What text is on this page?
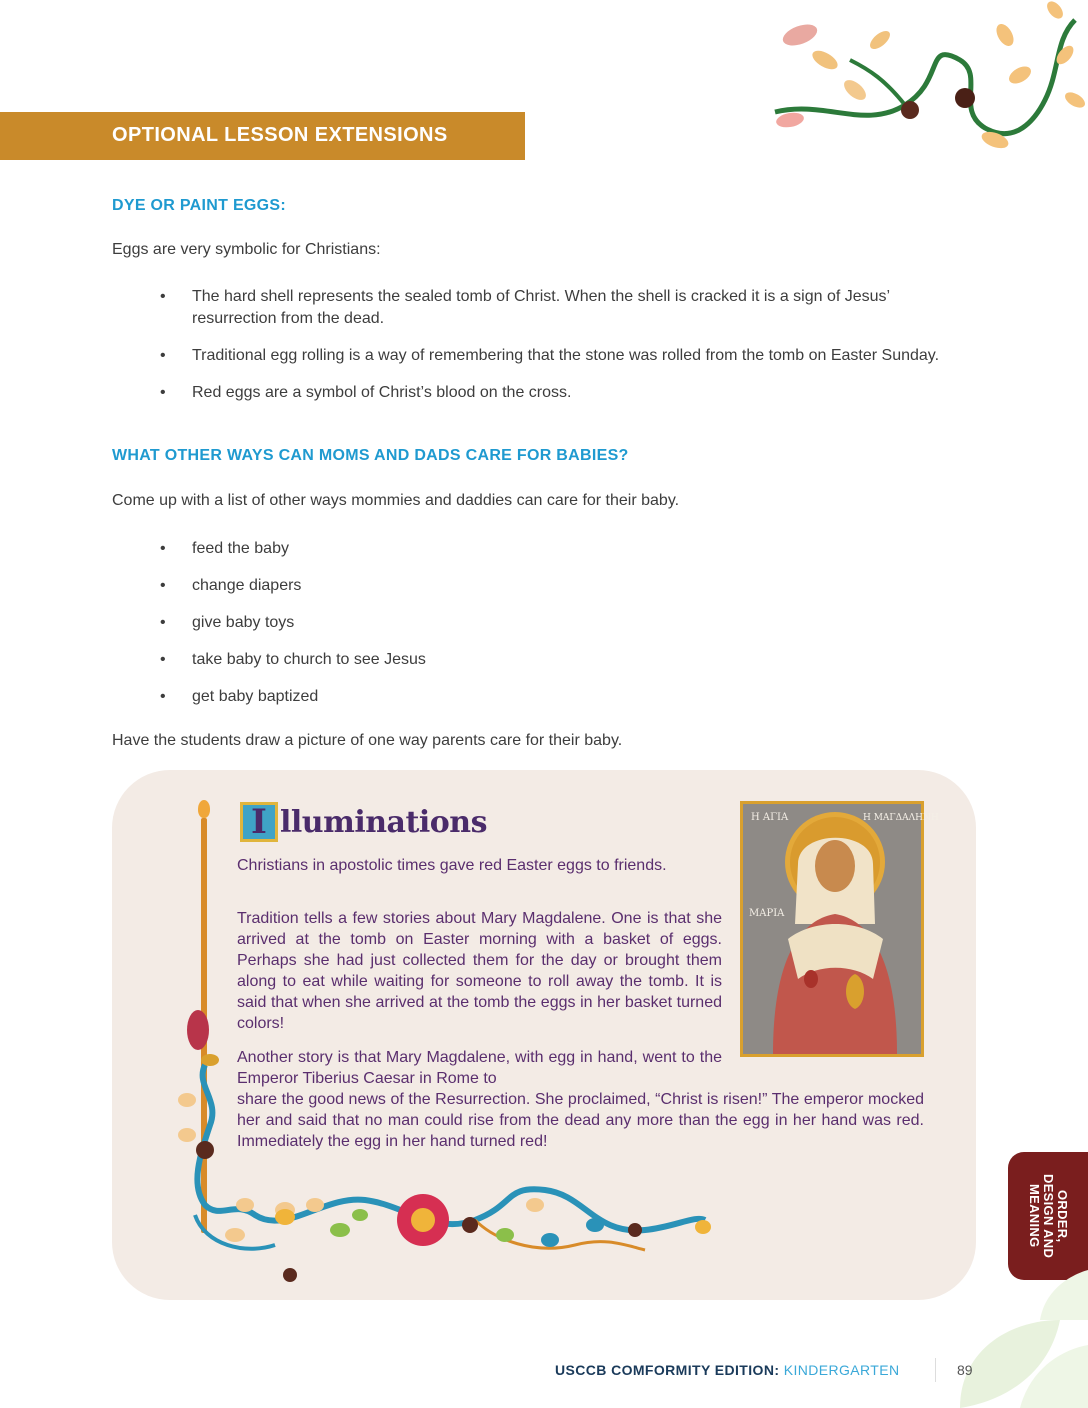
OPTIONAL LESSON EXTENSIONS
DYE OR PAINT EGGS:
Eggs are very symbolic for Christians:
• The hard shell represents the sealed tomb of Christ. When the shell is cracked it is a sign of Jesus’ resurrection from the dead.
• Traditional egg rolling is a way of remembering that the stone was rolled from the tomb on Easter Sunday.
• Red eggs are a symbol of Christ’s blood on the cross.
WHAT OTHER WAYS CAN MOMS AND DADS CARE FOR BABIES?
Come up with a list of other ways mommies and daddies can care for their baby.
• feed the baby
• change diapers
• give baby toys
• take baby to church to see Jesus
• get baby baptized
Have the students draw a picture of one way parents care for their baby.
I lluminations
Christians in apostolic times gave red Easter eggs to friends.
Tradition tells a few stories about Mary Magdalene. One is that she arrived at the tomb on Easter morning with a basket of eggs. Perhaps she had just collected them for the day or brought them along to eat while waiting for someone to roll away the tomb. It is said that when she arrived at the tomb the eggs in her basket turned colors!
Another story is that Mary Magdalene, with egg in hand, went to the Emperor Tiberius Caesar in Rome to
share the good news of the Resurrection. She proclaimed, “Christ is risen!” The emperor mocked her and said that no man could rise from the dead any more than the egg in her hand was red. Immediately the egg in her hand turned red!
Η ΑΓΙΑ
ΜΑΡΙΑ
Η ΜΑΓΔΑΛΗΝΗ
ORDER,
DESIGN AND
MEANING
USCCB COMFORMITY EDITION: KINDERGARTEN	89
